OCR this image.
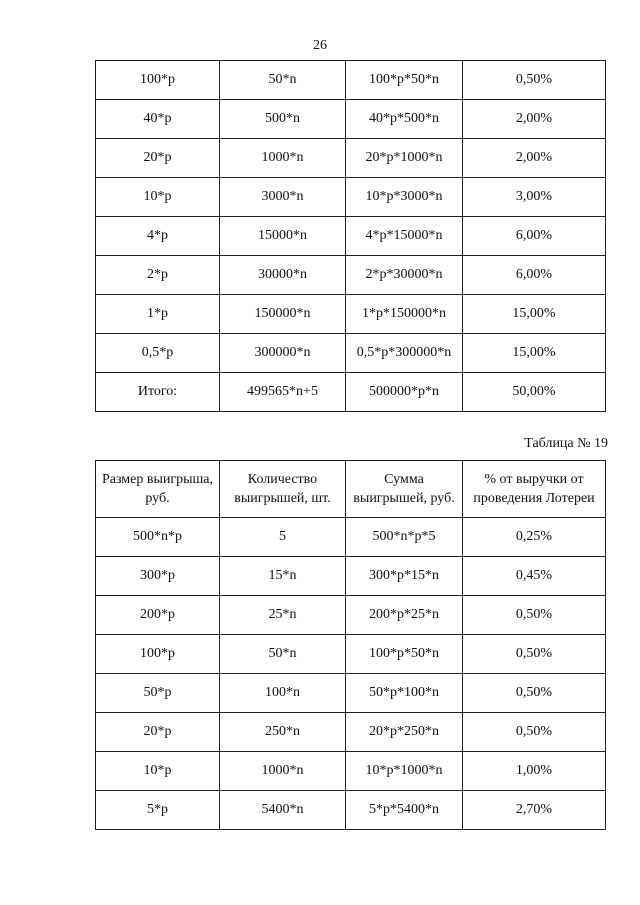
26
100*р	50*n	100*р*50*n	0,50%
40*р	500*n	40*р*500*n	2,00%
20*р	1000*n	20*р*1000*n	2,00%
10*р	3000*n	10*р*3000*n	3,00%
4*р	15000*n	4*р*15000*n	6,00%
2*р	30000*n	2*р*30000*n	6,00%
1*р	150000*n	1*р*150000*n	15,00%
0,5*р	300000*n	0,5*р*300000*n	15,00%
Итого:	499565*n+5	500000*р*n	50,00%
Таблица № 19
Размер выигрыша, руб.	Количество выигрышей, шт.	Сумма выигрышей, руб.	% от выручки от проведения Лотереи
500*n*р	5	500*n*р*5	0,25%
300*р	15*n	300*р*15*n	0,45%
200*р	25*n	200*р*25*n	0,50%
100*р	50*n	100*р*50*n	0,50%
50*р	100*n	50*р*100*n	0,50%
20*р	250*n	20*р*250*n	0,50%
10*р	1000*n	10*р*1000*n	1,00%
5*р	5400*n	5*р*5400*n	2,70%
